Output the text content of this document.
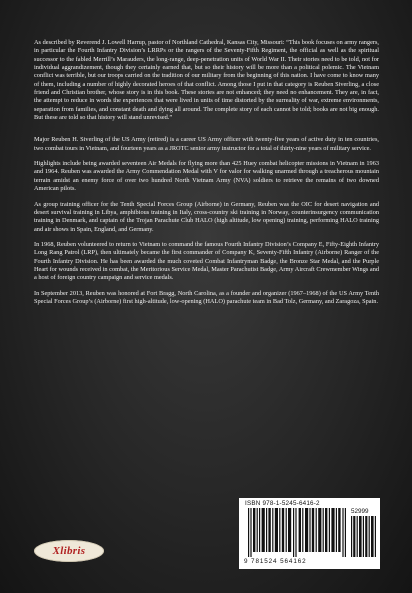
As described by Reverend J. Lowell Harrup, pastor of Northland Cathedral, Kansas City, Missouri: “This book focuses on army rangers, in particular the Fourth Infantry Division’s LRRPs or the rangers of the Seventy-Fifth Regiment, the official as well as the spiritual successor to the fabled Merrill’s Marauders, the long-range, deep-penetration units of World War II. Their stories need to be told, not for individual aggrandizement, though they certainly earned that, but so their history will be more than a political polemic. The Vietnam conflict was terrible, but our troops carried on the tradition of our military from the beginning of this nation. I have come to know many of them, including a number of highly decorated heroes of that conflict. Among those I put in that category is Reuben Siverling, a close friend and Christian brother, whose story is in this book. These stories are not enhanced; they need no enhancement. They are, in fact, the attempt to reduce in words the experiences that were lived in units of time distorted by the surreality of war, extreme environments, separation from families, and constant death and dying all around. The complete story of each cannot be told; books are not big enough. But these are told so that history will stand unrevised.”

Major Reuben H. Siverling of the US Army (retired) is a career US Army officer with twenty-five years of active duty in ten countries, two combat tours in Vietnam, and fourteen years as a JROTC senior army instructor for a total of thirty-nine years of military service.

Highlights include being awarded seventeen Air Medals for flying more than 425 Huey combat helicopter missions in Vietnam in 1963 and 1964. Reuben was awarded the Army Commendation Medal with V for valor for walking unarmed through a treacherous mountain terrain amidst an enemy force of over two hundred North Vietnam Army (NVA) soldiers to retrieve the remains of two downed American pilots.

As group training officer for the Tenth Special Forces Group (Airborne) in Germany, Reuben was the OIC for desert navigation and desert survival training in Libya, amphibious training in Italy, cross-country ski training in Norway, counterinsurgency communication training in Denmark, and captain of the Trojan Parachute Club HALO (high altitude, low opening) training, performing HALO training and air shows in Spain, England, and Germany.

In 1968, Reuben volunteered to return to Vietnam to command the famous Fourth Infantry Division’s Company E, Fifty-Eighth Infantry Long Rang Patrol (LRP), then ultimately became the first commander of Company K, Seventy-Fifth Infantry (Airborne) Ranger of the Fourth Infantry Division. He has been awarded the much coveted Combat Infantryman Badge, the Bronze Star Medal, and the Purple Heart for wounds received in combat, the Meritorious Service Medal, Master Parachutist Badge, Army Aircraft Crewmember Wings and a host of foreign country campaign and service medals.

In September 2013, Reuben was honored at Fort Bragg, North Carolina, as a founder and organizer (1967–1968) of the US Army Tenth Special Forces Group’s (Airborne) first high-altitude, low-opening (HALO) parachute team in Bad Tolz, Germany, and Zaragoza, Spain.

ISBN 978-1-5245-6416-2
52999
9 781524 564162
Xlibris
